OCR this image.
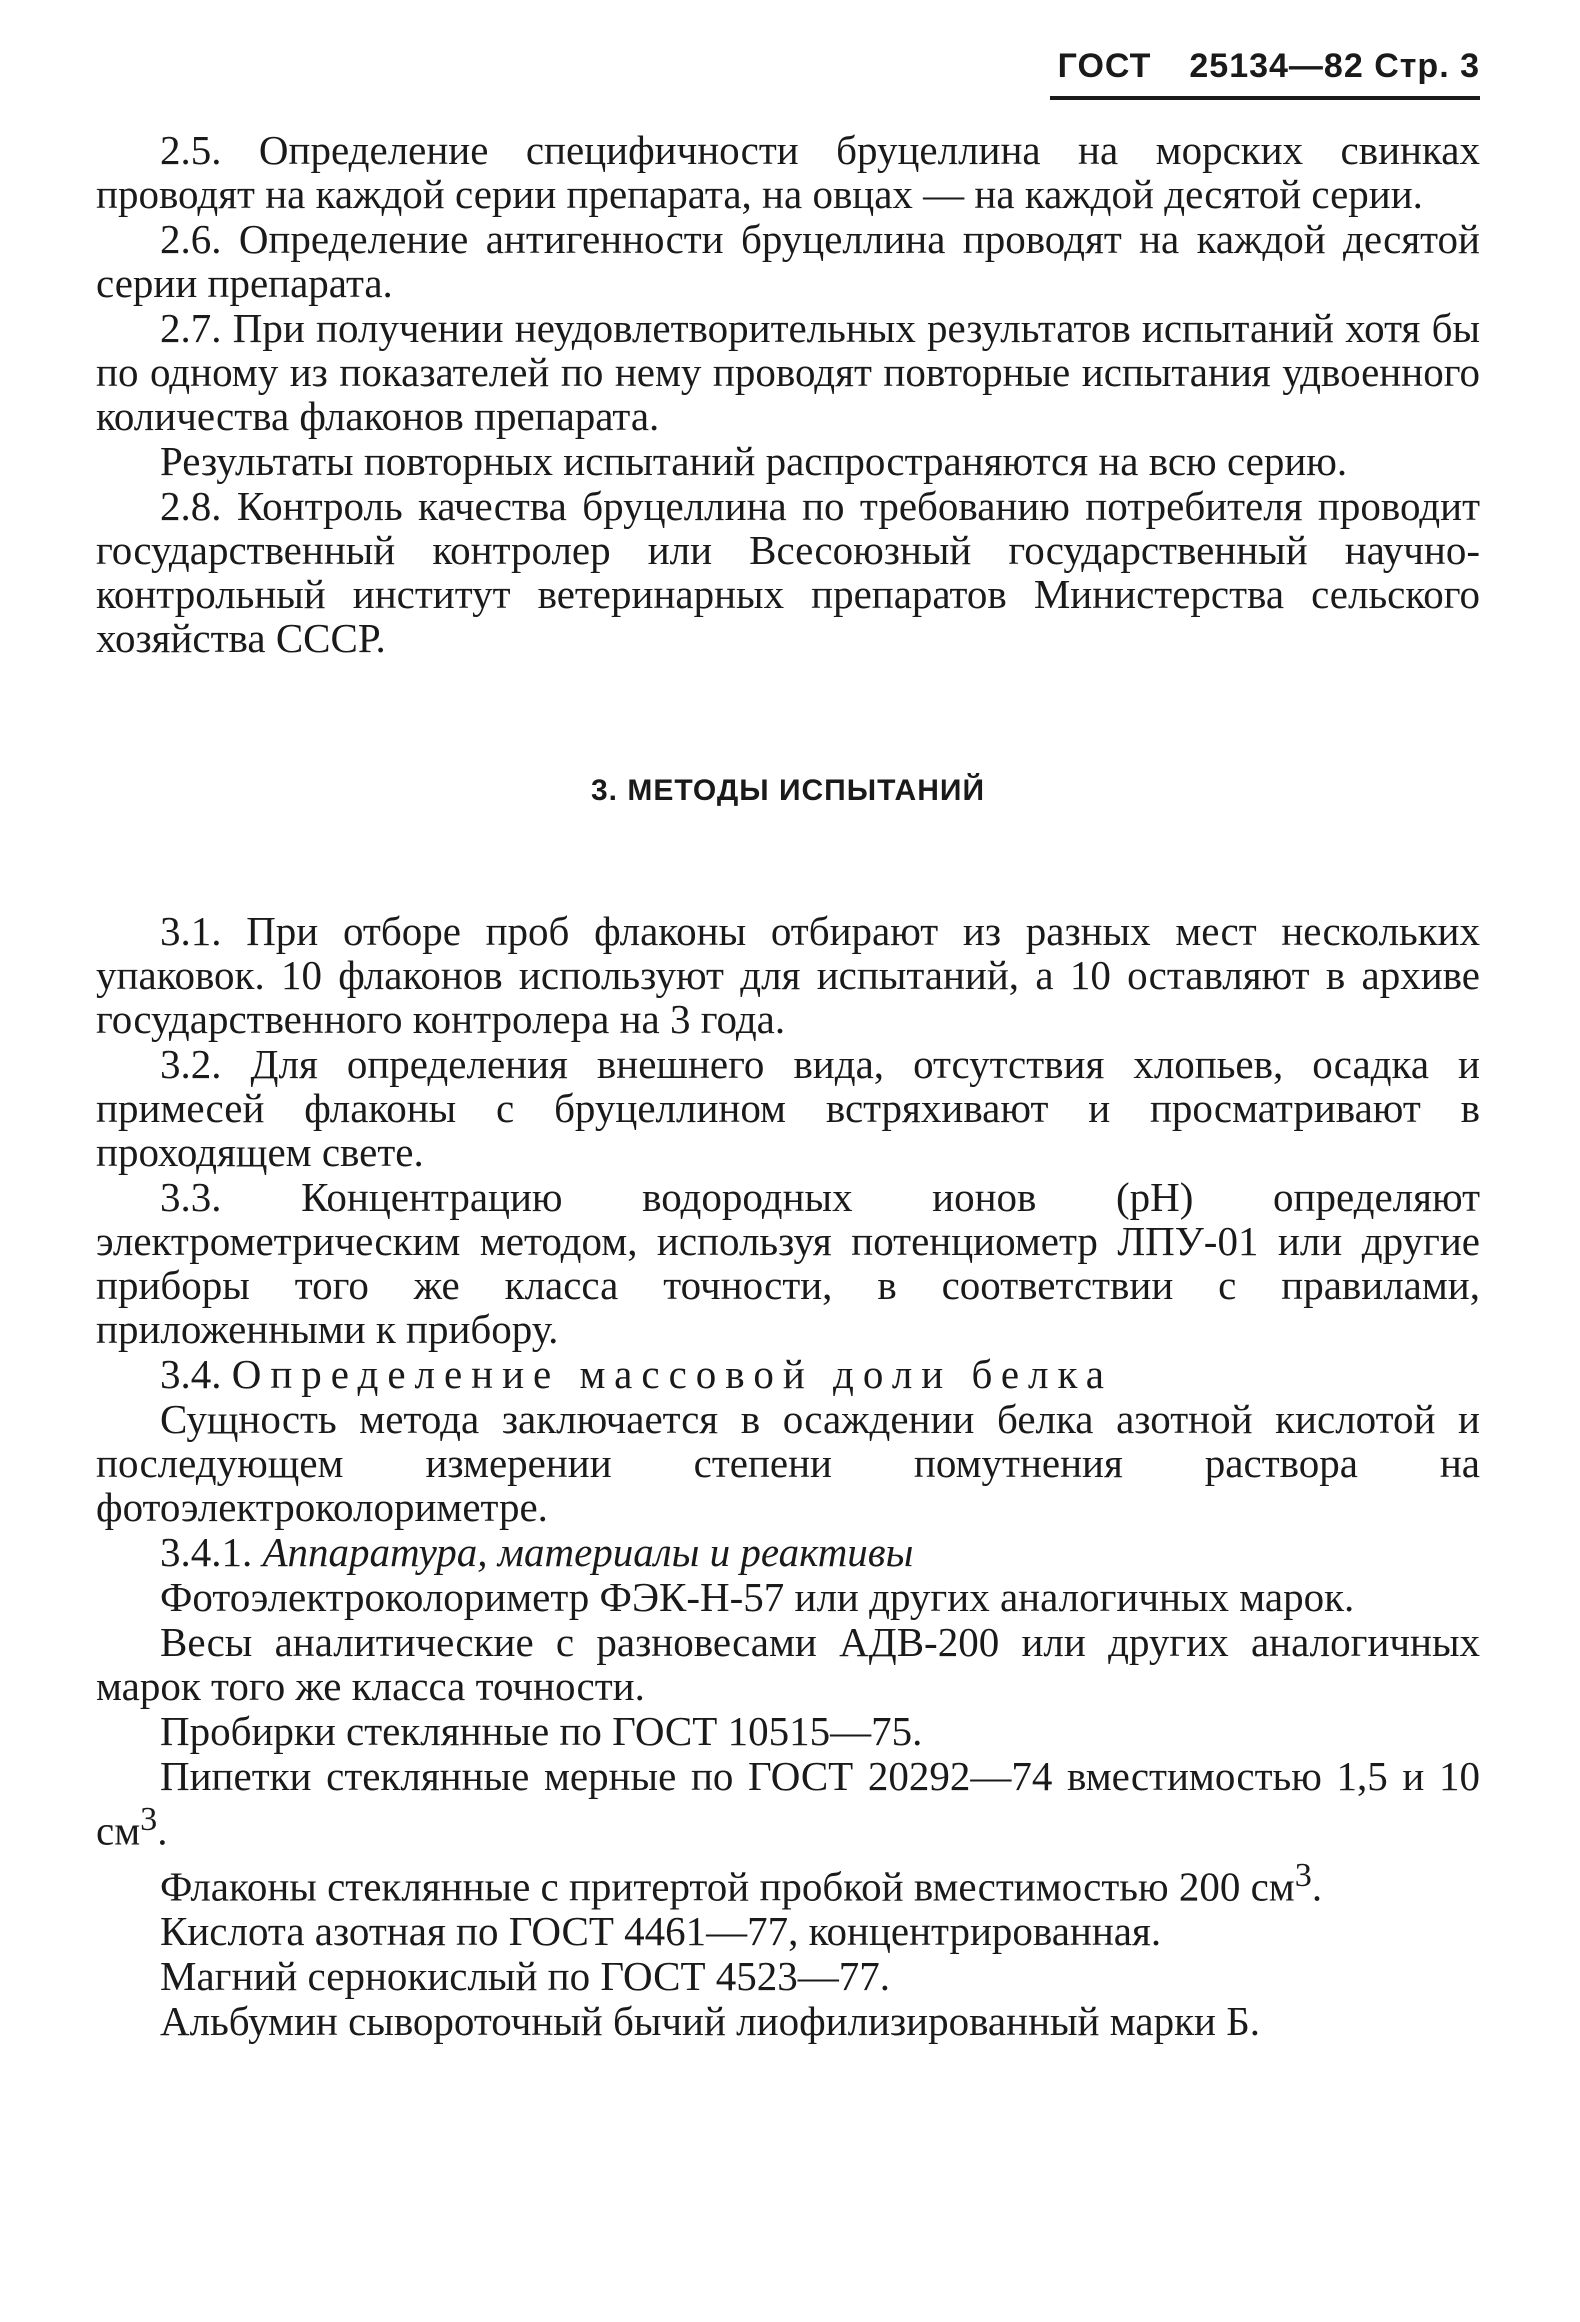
ГОСТ 25134—82 Стр. 3

2.5. Определение специфичности бруцеллина на морских свинках проводят на каждой серии препарата, на овцах — на каждой десятой серии.

2.6. Определение антигенности бруцеллина проводят на каждой десятой серии препарата.

2.7. При получении неудовлетворительных результатов испытаний хотя бы по одному из показателей по нему проводят повторные испытания удвоенного количества флаконов препарата.

Результаты повторных испытаний распространяются на всю серию.

2.8. Контроль качества бруцеллина по требованию потребителя проводит государственный контролер или Всесоюзный государственный научно-контрольный институт ветеринарных препаратов Министерства сельского хозяйства СССР.

3. МЕТОДЫ ИСПЫТАНИЙ

3.1. При отборе проб флаконы отбирают из разных мест нескольких упаковок. 10 флаконов используют для испытаний, а 10 оставляют в архиве государственного контролера на 3 года.

3.2. Для определения внешнего вида, отсутствия хлопьев, осадка и примесей флаконы с бруцеллином встряхивают и просматривают в проходящем свете.

3.3. Концентрацию водородных ионов (pH) определяют электрометрическим методом, используя потенциометр ЛПУ-01 или другие приборы того же класса точности, в соответствии с правилами, приложенными к прибору.

3.4. Определение массовой доли белка

Сущность метода заключается в осаждении белка азотной кислотой и последующем измерении степени помутнения раствора на фотоэлектроколориметре.

3.4.1. Аппаратура, материалы и реактивы

Фотоэлектроколориметр ФЭК-Н-57 или других аналогичных марок.

Весы аналитические с разновесами АДВ-200 или других аналогичных марок того же класса точности.

Пробирки стеклянные по ГОСТ 10515—75.

Пипетки стеклянные мерные по ГОСТ 20292—74 вместимостью 1,5 и 10 $см^3$.

Флаконы стеклянные с притертой пробкой вместимостью 200 $см^3$.

Кислота азотная по ГОСТ 4461—77, концентрированная.

Магний сернокислый по ГОСТ 4523—77.

Альбумин сывороточный бычий лиофилизированный марки Б.
